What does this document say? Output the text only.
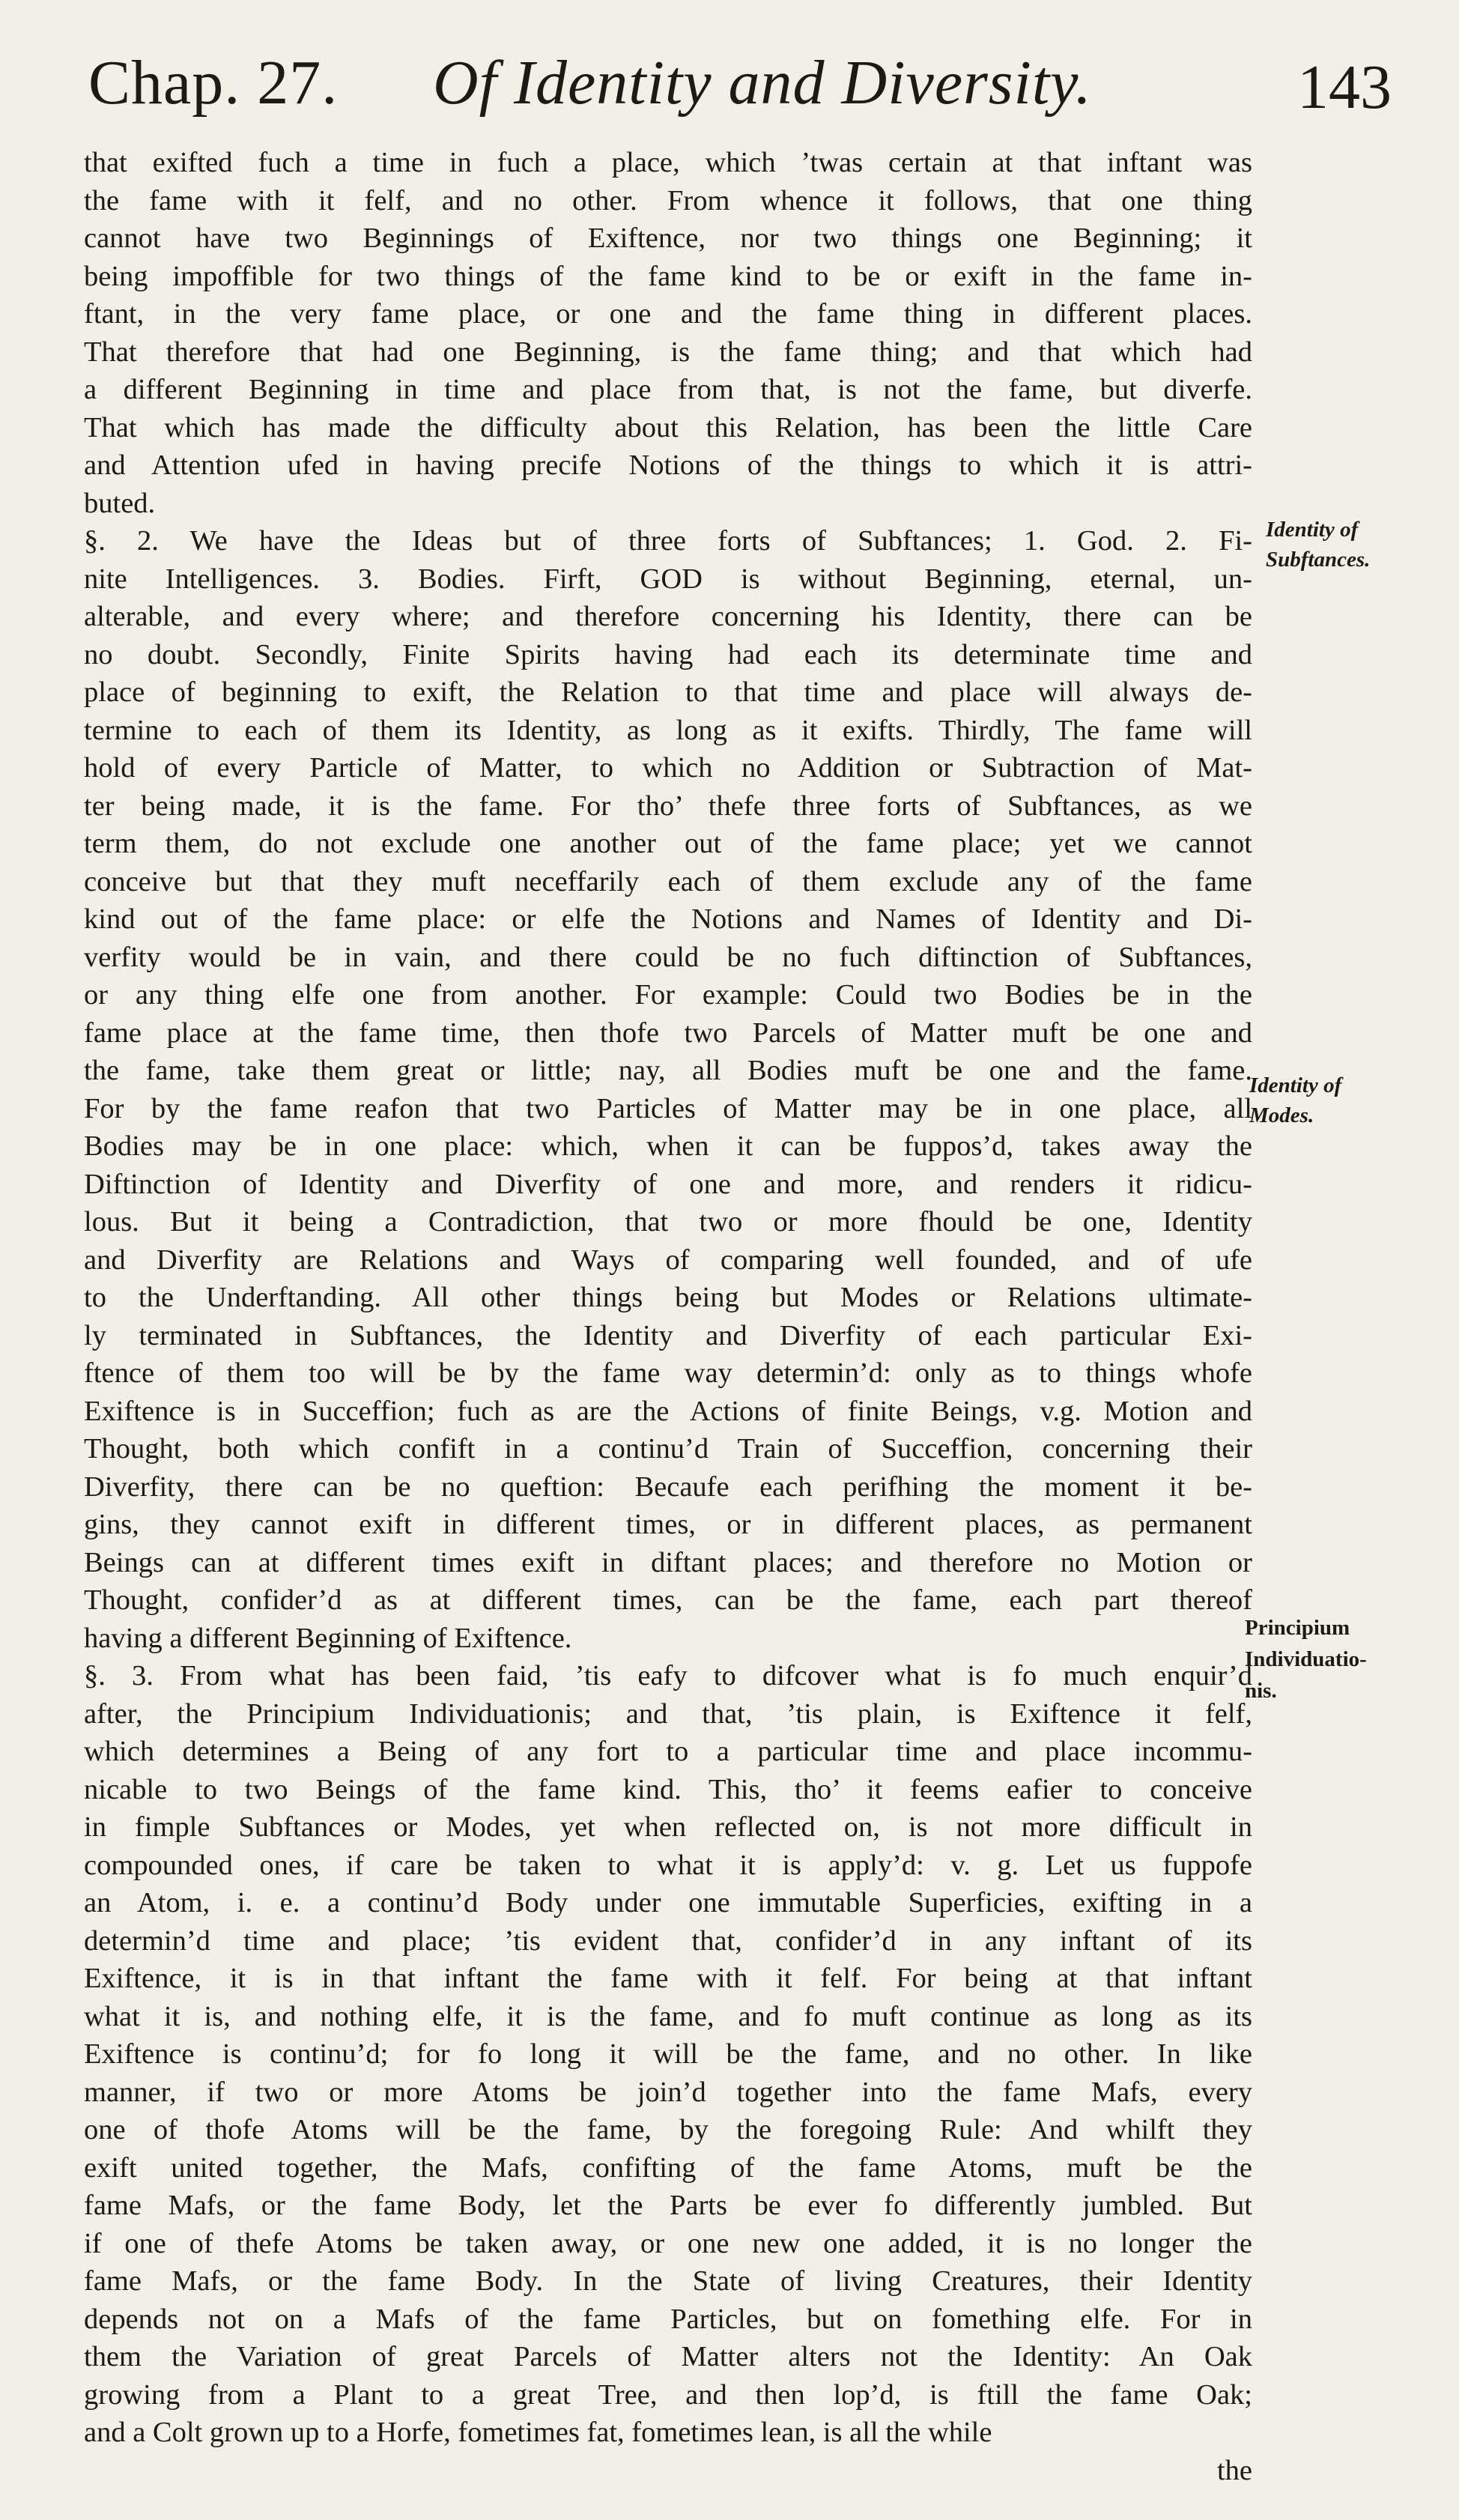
Chap. 27. Of Identity and Diversity.	143
that exifted fuch a time in fuch a place, which ’twas certain at that inftant was
the fame with it felf, and no other. From whence it follows, that one thing
cannot have two Beginnings of Exiftence, nor two things one Beginning; it
being impoffible for two things of the fame kind to be or exift in the fame in-
ftant, in the very fame place, or one and the fame thing in different places.
That therefore that had one Beginning, is the fame thing; and that which had
a different Beginning in time and place from that, is not the fame, but diverfe.
That which has made the difficulty about this Relation, has been the little Care
and Attention ufed in having precife Notions of the things to which it is attri-
buted.
§. 2. We have the Ideas but of three forts of Subftances; 1. God. 2. Fi-
nite Intelligences. 3. Bodies. Firft, GOD is without Beginning, eternal, un-
alterable, and every where; and therefore concerning his Identity, there can be
no doubt. Secondly, Finite Spirits having had each its determinate time and
place of beginning to exift, the Relation to that time and place will always de-
termine to each of them its Identity, as long as it exifts. Thirdly, The fame will
hold of every Particle of Matter, to which no Addition or Subtraction of Mat-
ter being made, it is the fame. For tho’ thefe three forts of Subftances, as we
term them, do not exclude one another out of the fame place; yet we cannot
conceive but that they muft neceffarily each of them exclude any of the fame
kind out of the fame place: or elfe the Notions and Names of Identity and Di-
verfity would be in vain, and there could be no fuch diftinction of Subftances,
or any thing elfe one from another. For example: Could two Bodies be in the
fame place at the fame time, then thofe two Parcels of Matter muft be one and
the fame, take them great or little; nay, all Bodies muft be one and the fame.
For by the fame reafon that two Particles of Matter may be in one place, all
Bodies may be in one place: which, when it can be fuppos’d, takes away the
Diftinction of Identity and Diverfity of one and more, and renders it ridicu-
lous. But it being a Contradiction, that two or more fhould be one, Identity
and Diverfity are Relations and Ways of comparing well founded, and of ufe
to the Underftanding. All other things being but Modes or Relations ultimate-
ly terminated in Subftances, the Identity and Diverfity of each particular Exi-
ftence of them too will be by the fame way determin’d: only as to things whofe
Exiftence is in Succeffion; fuch as are the Actions of finite Beings, v.g. Motion and
Thought, both which confift in a continu’d Train of Succeffion, concerning their
Diverfity, there can be no queftion: Becaufe each perifhing the moment it be-
gins, they cannot exift in different times, or in different places, as permanent
Beings can at different times exift in diftant places; and therefore no Motion or
Thought, confider’d as at different times, can be the fame, each part thereof
having a different Beginning of Exiftence.
§. 3. From what has been faid, ’tis eafy to difcover what is fo much enquir’d
after, the Principium Individuationis; and that, ’tis plain, is Exiftence it felf,
which determines a Being of any fort to a particular time and place incommu-
nicable to two Beings of the fame kind. This, tho’ it feems eafier to conceive
in fimple Subftances or Modes, yet when reflected on, is not more difficult in
compounded ones, if care be taken to what it is apply’d: v. g. Let us fuppofe
an Atom, i. e. a continu’d Body under one immutable Superficies, exifting in a
determin’d time and place; ’tis evident that, confider’d in any inftant of its
Exiftence, it is in that inftant the fame with it felf. For being at that inftant
what it is, and nothing elfe, it is the fame, and fo muft continue as long as its
Exiftence is continu’d; for fo long it will be the fame, and no other. In like
manner, if two or more Atoms be join’d together into the fame Mafs, every
one of thofe Atoms will be the fame, by the foregoing Rule: And whilft they
exift united together, the Mafs, confifting of the fame Atoms, muft be the
fame Mafs, or the fame Body, let the Parts be ever fo differently jumbled. But
if one of thefe Atoms be taken away, or one new one added, it is no longer the
fame Mafs, or the fame Body. In the State of living Creatures, their Identity
depends not on a Mafs of the fame Particles, but on fomething elfe. For in
them the Variation of great Parcels of Matter alters not the Identity: An Oak
growing from a Plant to a great Tree, and then lop’d, is ftill the fame Oak;
and a Colt grown up to a Horfe, fometimes fat, fometimes lean, is all the while
the
Identity of
Subftances.
Identity of
Modes.
Principium
Individuatio-
nis.
